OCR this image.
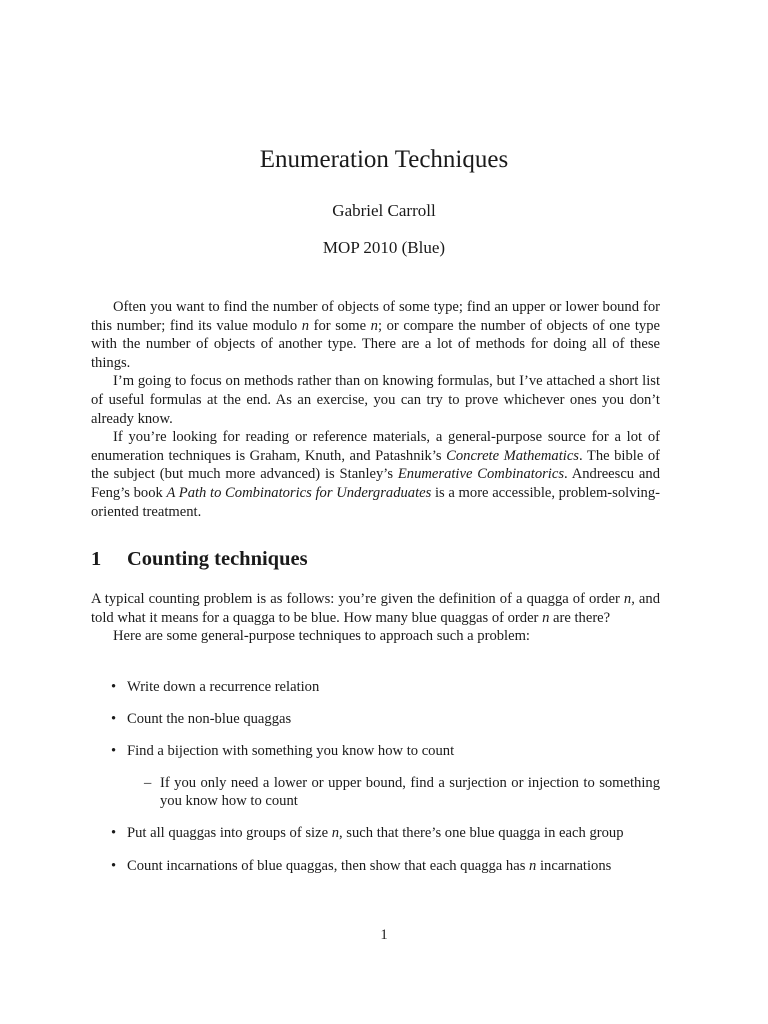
Enumeration Techniques
Gabriel Carroll
MOP 2010 (Blue)

Often you want to find the number of objects of some type; find an upper or lower bound for this number; find its value modulo n for some n; or compare the number of objects of one type with the number of objects of another type. There are a lot of methods for doing all of these things.

I’m going to focus on methods rather than on knowing formulas, but I’ve attached a short list of useful formulas at the end. As an exercise, you can try to prove whichever ones you don’t already know.

If you’re looking for reading or reference materials, a general-purpose source for a lot of enumeration techniques is Graham, Knuth, and Patashnik’s Concrete Mathematics. The bible of the subject (but much more advanced) is Stanley’s Enumerative Combinatorics. Andreescu and Feng’s book A Path to Combinatorics for Undergraduates is a more accessible, problem-solving-oriented treatment.

1 Counting techniques

A typical counting problem is as follows: you’re given the definition of a quagga of order n, and told what it means for a quagga to be blue. How many blue quaggas of order n are there?

Here are some general-purpose techniques to approach such a problem:

• Write down a recurrence relation
• Count the non-blue quaggas
• Find a bijection with something you know how to count
– If you only need a lower or upper bound, find a surjection or injection to something you know how to count
• Put all quaggas into groups of size n, such that there’s one blue quagga in each group
• Count incarnations of blue quaggas, then show that each quagga has n incarnations
1
